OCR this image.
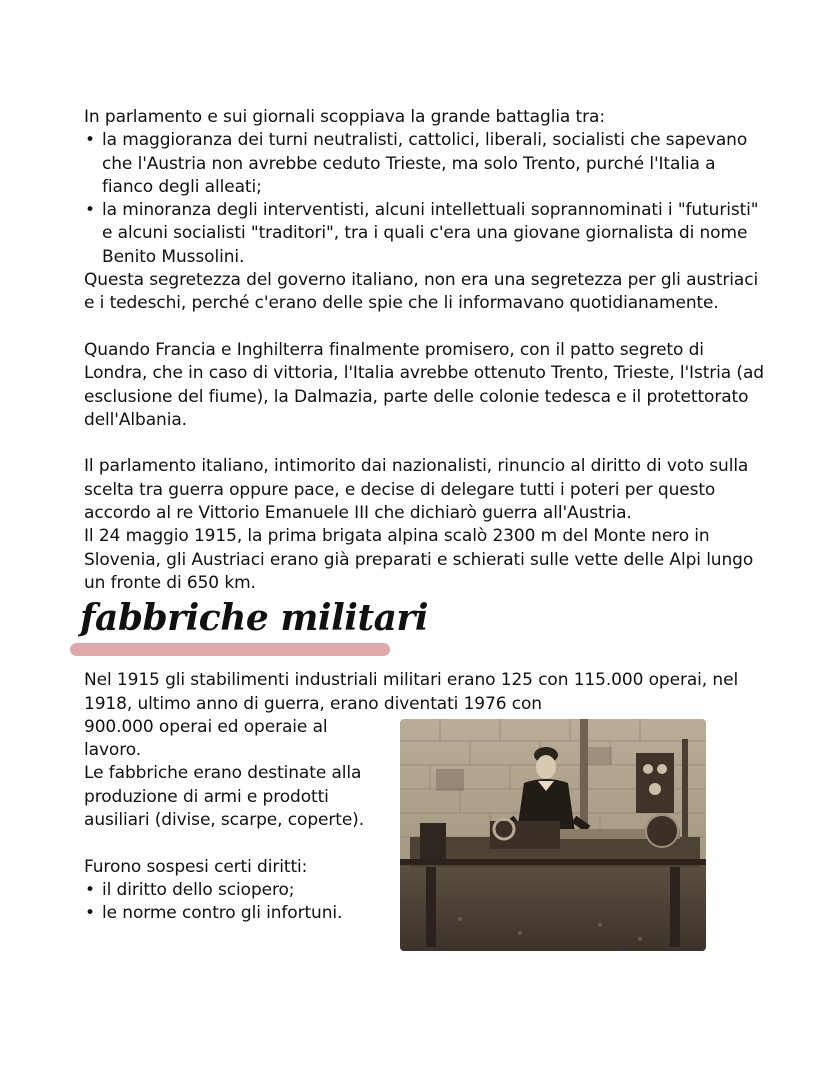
In parlamento e sui giornali scoppiava la grande battaglia tra:

• la maggioranza dei turni neutralisti, cattolici, liberali, socialisti che sapevano che l'Austria non avrebbe ceduto Trieste, ma solo Trento, purché l'Italia a fianco degli alleati;
• la minoranza degli interventisti, alcuni intellettuali soprannominati i "futuristi" e alcuni socialisti "traditori", tra i quali c'era una giovane giornalista di nome Benito Mussolini.

Questa segretezza del governo italiano, non era una segretezza per gli austriaci e i tedeschi, perché c'erano delle spie che li informavano quotidianamente.

Quando Francia e Inghilterra finalmente promisero, con il patto segreto di Londra, che in caso di vittoria, l'Italia avrebbe ottenuto Trento, Trieste, l'Istria (ad esclusione del fiume), la Dalmazia, parte delle colonie tedesca e il protettorato dell'Albania.

Il parlamento italiano, intimorito dai nazionalisti, rinuncio al diritto di voto sulla scelta tra guerra oppure pace, e decise di delegare tutti i poteri per questo accordo al re Vittorio Emanuele III che dichiarò guerra all'Austria.

Il 24 maggio 1915, la prima brigata alpina scalò 2300 m del Monte nero in Slovenia, gli Austriaci erano già preparati e schierati sulle vette delle Alpi lungo un fronte di 650 km.

fabbriche militari

Nel 1915 gli stabilimenti industriali militari erano 125 con 115.000 operai, nel 1918, ultimo anno di guerra, erano diventati 1976 con

900.000 operai ed operaie al lavoro.

Le fabbriche erano destinate alla produzione di armi e prodotti ausiliari (divise, scarpe, coperte).

Furono sospesi certi diritti:

• il diritto dello sciopero;
• le norme contro gli infortuni.
